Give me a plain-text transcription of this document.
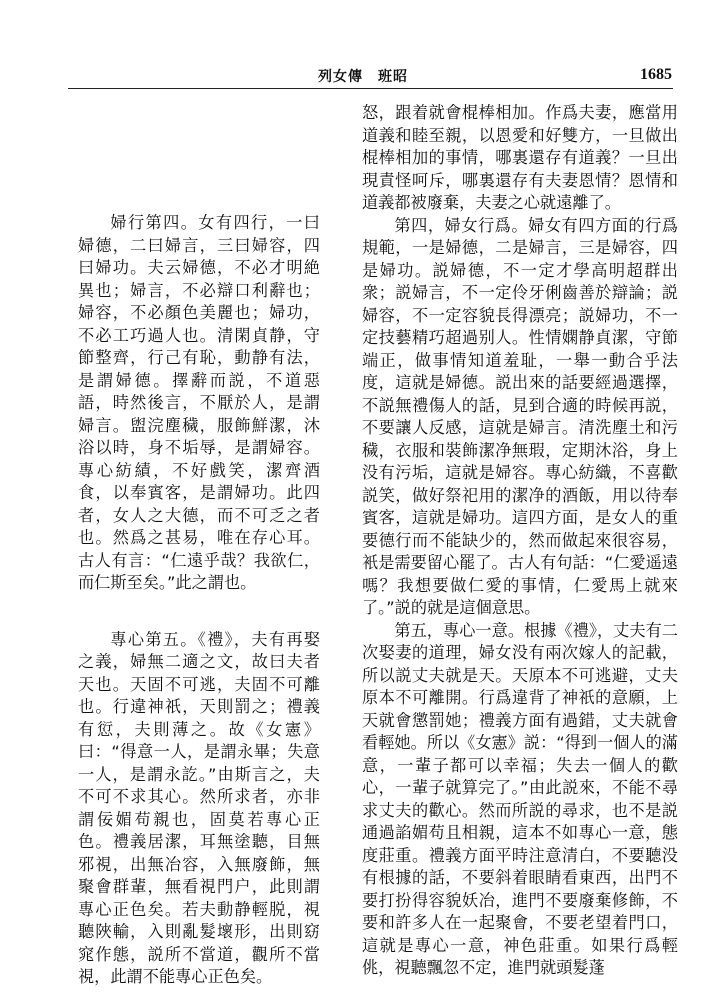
列女傳　班昭	1685

婦行第四。女有四行，一曰婦德，二曰婦言，三曰婦容，四曰婦功。夫云婦德，不必才明絶異也；婦言，不必辯口利辭也；婦容，不必顏色美麗也；婦功，不必工巧過人也。清閑貞静，守節整齊，行己有恥，動静有法，是謂婦德。擇辭而説，不道惡語，時然後言，不厭於人，是謂婦言。盥浣塵穢，服飾鮮潔，沐浴以時，身不垢辱，是謂婦容。專心紡績，不好戲笑，潔齊酒食，以奉賓客，是謂婦功。此四者，女人之大德，而不可乏之者也。然爲之甚易，唯在存心耳。古人有言：“仁遠乎哉？我欲仁，而仁斯至矣。”此之謂也。

專心第五。《禮》，夫有再娶之義，婦無二適之文，故曰夫者天也。天固不可逃，夫固不可離也。行違神祇，天則罰之；禮義有愆，夫則薄之。故《女憲》曰：“得意一人，是謂永畢；失意一人，是謂永訖。”由斯言之，夫不可不求其心。然所求者，亦非謂佞媚苟親也，固莫若專心正色。禮義居潔，耳無塗聽，目無邪視，出無冶容，入無廢飾，無聚會群輩，無看視門户，此則謂專心正色矣。若夫動静輕脱，視聽陜輸，入則亂髮壞形，出則窈窕作態，説所不當道，觀所不當視，此謂不能專心正色矣。

怒，跟着就會棍棒相加。作爲夫妻，應當用道義和睦至親，以恩愛和好雙方，一旦做出棍棒相加的事情，哪裏還存有道義？一旦出現責怪呵斥，哪裏還存有夫妻恩情？恩情和道義都被廢棄，夫妻之心就遠離了。

第四，婦女行爲。婦女有四方面的行爲規範，一是婦德，二是婦言，三是婦容，四是婦功。説婦德，不一定才學高明超群出衆；説婦言，不一定伶牙俐齒善於辯論；説婦容，不一定容貌長得漂亮；説婦功，不一定技藝精巧超過别人。性情嫻静貞潔，守節端正，做事情知道羞耻，一舉一動合乎法度，這就是婦德。説出來的話要經過選擇，不説無禮傷人的話，見到合適的時候再説，不要讓人反感，這就是婦言。清洗塵土和污穢，衣服和裝飾潔净無瑕，定期沐浴，身上没有污垢，這就是婦容。專心紡織，不喜歡説笑，做好祭祀用的潔净的酒飯，用以待奉賓客，這就是婦功。這四方面，是女人的重要德行而不能缺少的，然而做起來很容易，衹是需要留心罷了。古人有句話：“仁愛遥遠嗎？我想要做仁愛的事情，仁愛馬上就來了。”説的就是這個意思。

第五，專心一意。根據《禮》，丈夫有二次娶妻的道理，婦女没有兩次嫁人的記載，所以説丈夫就是天。天原本不可逃避，丈夫原本不可離開。行爲違背了神祇的意願，上天就會懲罰她；禮義方面有過錯，丈夫就會看輕她。所以《女憲》説：“得到一個人的滿意，一輩子都可以幸福；失去一個人的歡心，一輩子就算完了。”由此説來，不能不尋求丈夫的歡心。然而所説的尋求，也不是説通過諂媚苟且相親，這本不如專心一意，態度莊重。禮義方面平時注意清白，不要聽没有根據的話，不要斜着眼睛看東西，出門不要打扮得容貌妖冶，進門不要廢棄修飾，不要和許多人在一起聚會，不要老望着門口，這就是專心一意，神色莊重。如果行爲輕佻，視聽飄忽不定，進門就頭髮蓬
